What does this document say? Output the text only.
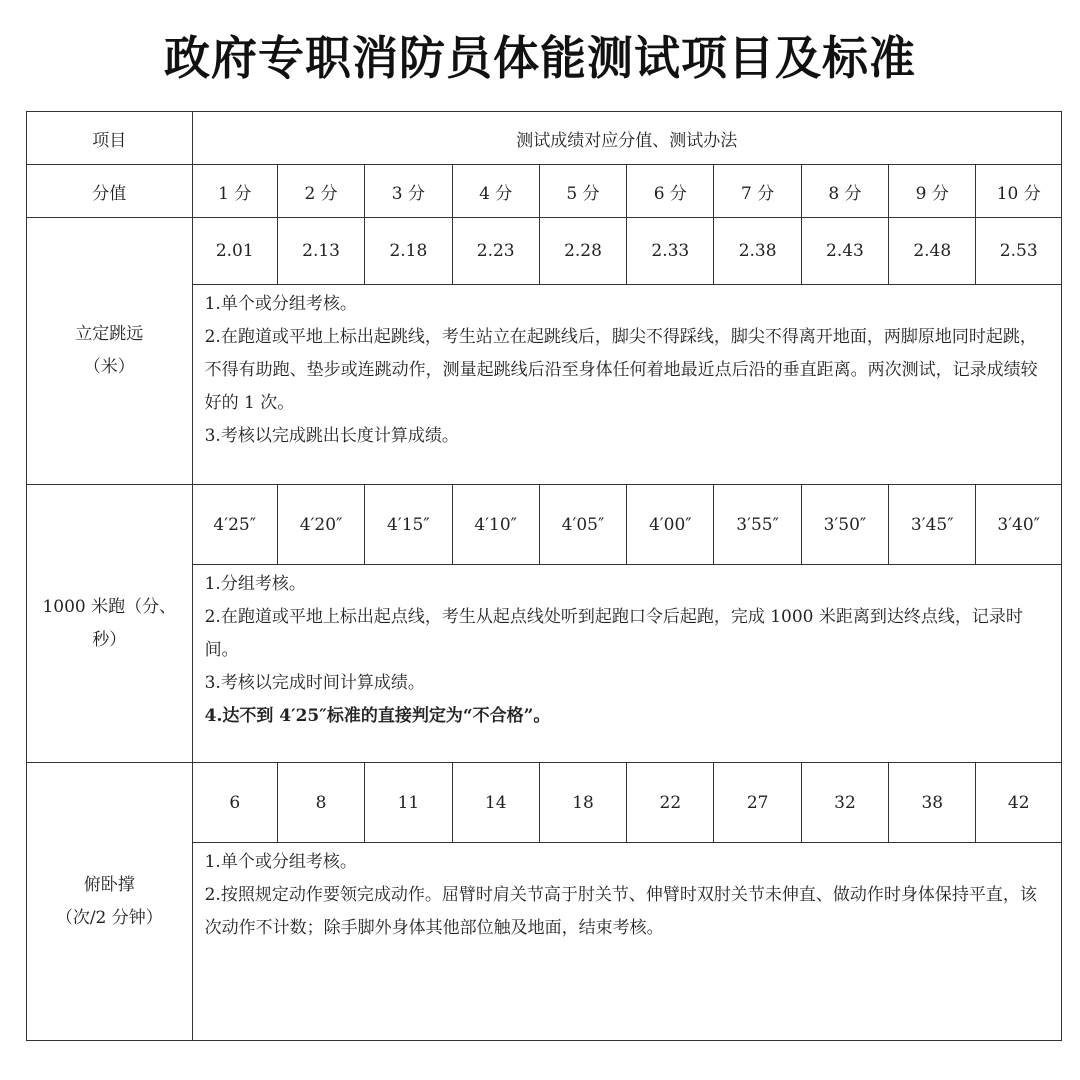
政府专职消防员体能测试项目及标准
项目	测试成绩对应分值、测试办法									
分值	1 分	2 分	3 分	4 分	5 分	6 分	7 分	8 分	9 分	10 分

立定跳远
（米）	2.01	2.13	2.18	2.23	2.28	2.33	2.38	2.43	2.48	2.53

	1.单个或分组考核。

2.在跑道或平地上标出起跳线，考生站立在起跳线后，脚尖不得踩线，脚尖不得离开地面，两脚原地同时起跳，不得有助跑、垫步或连跳动作，测量起跳线后沿至身体任何着地最近点后沿的垂直距离。两次测试，记录成绩较好的 1 次。

3.考核以完成跳出长度计算成绩。									

1000 米跑（分、
秒）	4′25″	4′20″	4′15″	4′10″	4′05″	4′00″	3′55″	3′50″	3′45″	3′40″

	1.分组考核。

2.在跑道或平地上标出起点线，考生从起点线处听到起跑口令后起跑，完成 1000 米距离到达终点线，记录时间。

3.考核以完成时间计算成绩。

4.达不到 4′25″标准的直接判定为“不合格”。									

俯卧撑
（次/2 分钟）	6	8	11	14	18	22	27	32	38	42

	1.单个或分组考核。

2.按照规定动作要领完成动作。屈臂时肩关节高于肘关节、伸臂时双肘关节未伸直、做动作时身体保持平直，该次动作不计数；除手脚外身体其他部位触及地面，结束考核。									
